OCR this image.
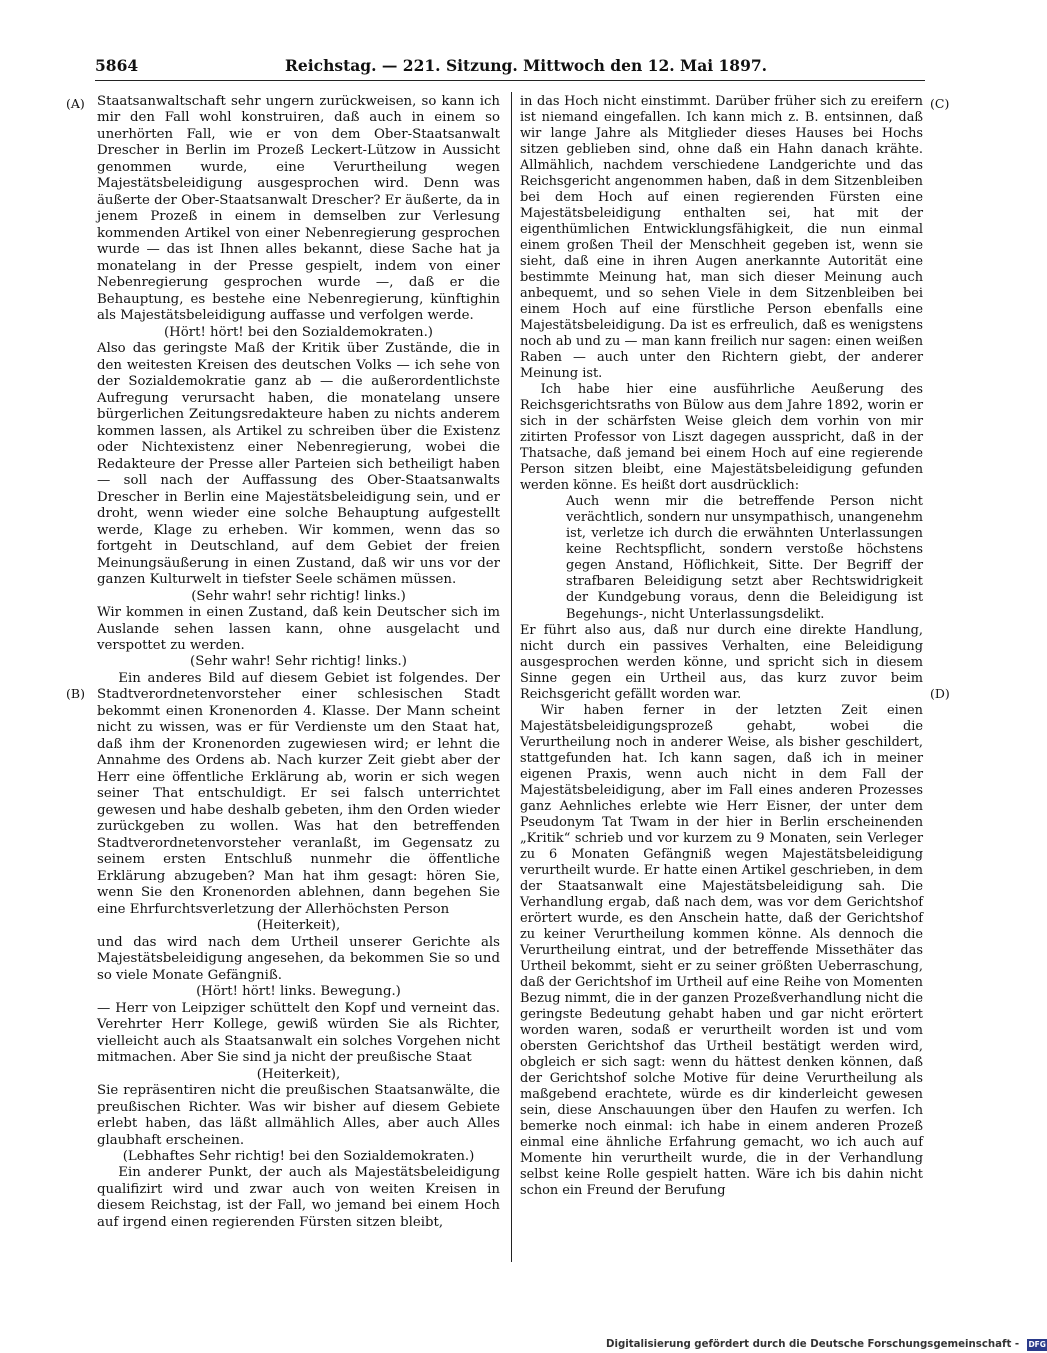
5864	Reichstag. — 221. Sitzung. Mittwoch den 12. Mai 1897.
(A)
(B)
(C)
(D)

Staatsanwaltschaft sehr ungern zurückweisen, so kann ich mir den Fall wohl konstruiren, daß auch in einem so unerhörten Fall, wie er von dem Ober-Staatsanwalt Drescher in Berlin im Prozeß Leckert-Lützow in Aussicht genommen wurde, eine Verurtheilung wegen Majestätsbeleidigung ausgesprochen wird. Denn was äußerte der Ober-Staatsanwalt Drescher? Er äußerte, da in jenem Prozeß in einem in demselben zur Verlesung kommenden Artikel von einer Nebenregierung gesprochen wurde — das ist Ihnen alles bekannt, diese Sache hat ja monatelang in der Presse gespielt, indem von einer Nebenregierung gesprochen wurde —, daß er die Behauptung, es bestehe eine Nebenregierung, künftighin als Majestätsbeleidigung auffasse und verfolgen werde.

(Hört! hört! bei den Sozialdemokraten.)

Also das geringste Maß der Kritik über Zustände, die in den weitesten Kreisen des deutschen Volks — ich sehe von der Sozialdemokratie ganz ab — die außerordentlichste Aufregung verursacht haben, die monatelang unsere bürgerlichen Zeitungsredakteure haben zu nichts anderem kommen lassen, als Artikel zu schreiben über die Existenz oder Nichtexistenz einer Nebenregierung, wobei die Redakteure der Presse aller Parteien sich betheiligt haben — soll nach der Auffassung des Ober-Staatsanwalts Drescher in Berlin eine Majestätsbeleidigung sein, und er droht, wenn wieder eine solche Behauptung aufgestellt werde, Klage zu erheben. Wir kommen, wenn das so fortgeht in Deutschland, auf dem Gebiet der freien Meinungsäußerung in einen Zustand, daß wir uns vor der ganzen Kulturwelt in tiefster Seele schämen müssen.

(Sehr wahr! sehr richtig! links.)

Wir kommen in einen Zustand, daß kein Deutscher sich im Auslande sehen lassen kann, ohne ausgelacht und verspottet zu werden.

(Sehr wahr! Sehr richtig! links.)

Ein anderes Bild auf diesem Gebiet ist folgendes. Der Stadtverordnetenvorsteher einer schlesischen Stadt bekommt einen Kronenorden 4. Klasse. Der Mann scheint nicht zu wissen, was er für Verdienste um den Staat hat, daß ihm der Kronenorden zugewiesen wird; er lehnt die Annahme des Ordens ab. Nach kurzer Zeit giebt aber der Herr eine öffentliche Erklärung ab, worin er sich wegen seiner That entschuldigt. Er sei falsch unterrichtet gewesen und habe deshalb gebeten, ihm den Orden wieder zurückgeben zu wollen. Was hat den betreffenden Stadtverordnetenvorsteher veranlaßt, im Gegensatz zu seinem ersten Entschluß nunmehr die öffentliche Erklärung abzugeben? Man hat ihm gesagt: hören Sie, wenn Sie den Kronenorden ablehnen, dann begehen Sie eine Ehrfurchtsverletzung der Allerhöchsten Person

(Heiterkeit),

und das wird nach dem Urtheil unserer Gerichte als Majestätsbeleidigung angesehen, da bekommen Sie so und so viele Monate Gefängniß.

(Hört! hört! links. Bewegung.)

— Herr von Leipziger schüttelt den Kopf und verneint das. Verehrter Herr Kollege, gewiß würden Sie als Richter, vielleicht auch als Staatsanwalt ein solches Vorgehen nicht mitmachen. Aber Sie sind ja nicht der preußische Staat

(Heiterkeit),

Sie repräsentiren nicht die preußischen Staatsanwälte, die preußischen Richter. Was wir bisher auf diesem Gebiete erlebt haben, das läßt allmählich Alles, aber auch Alles glaubhaft erscheinen.

(Lebhaftes Sehr richtig! bei den Sozialdemokraten.)

Ein anderer Punkt, der auch als Majestätsbeleidigung qualifizirt wird und zwar auch von weiten Kreisen in diesem Reichstag, ist der Fall, wo jemand bei einem Hoch auf irgend einen regierenden Fürsten sitzen bleibt,

in das Hoch nicht einstimmt. Darüber früher sich zu ereifern ist niemand eingefallen. Ich kann mich z. B. entsinnen, daß wir lange Jahre als Mitglieder dieses Hauses bei Hochs sitzen geblieben sind, ohne daß ein Hahn danach krähte. Allmählich, nachdem verschiedene Landgerichte und das Reichsgericht angenommen haben, daß in dem Sitzenbleiben bei dem Hoch auf einen regierenden Fürsten eine Majestätsbeleidigung enthalten sei, hat mit der eigenthümlichen Entwicklungsfähigkeit, die nun einmal einem großen Theil der Menschheit gegeben ist, wenn sie sieht, daß eine in ihren Augen anerkannte Autorität eine bestimmte Meinung hat, man sich dieser Meinung auch anbequemt, und so sehen Viele in dem Sitzenbleiben bei einem Hoch auf eine fürstliche Person ebenfalls eine Majestätsbeleidigung. Da ist es erfreulich, daß es wenigstens noch ab und zu — man kann freilich nur sagen: einen weißen Raben — auch unter den Richtern giebt, der anderer Meinung ist.

Ich habe hier eine ausführliche Aeußerung des Reichsgerichtsraths von Bülow aus dem Jahre 1892, worin er sich in der schärfsten Weise gleich dem vorhin von mir zitirten Professor von Liszt dagegen ausspricht, daß in der Thatsache, daß jemand bei einem Hoch auf eine regierende Person sitzen bleibt, eine Majestätsbeleidigung gefunden werden könne. Es heißt dort ausdrücklich:

Auch wenn mir die betreffende Person nicht verächtlich, sondern nur unsympathisch, unangenehm ist, verletze ich durch die erwähnten Unterlassungen keine Rechtspflicht, sondern verstoße höchstens gegen Anstand, Höflichkeit, Sitte. Der Begriff der strafbaren Beleidigung setzt aber Rechtswidrigkeit der Kundgebung voraus, denn die Beleidigung ist Begehungs-, nicht Unterlassungsdelikt.

Er führt also aus, daß nur durch eine direkte Handlung, nicht durch ein passives Verhalten, eine Beleidigung ausgesprochen werden könne, und spricht sich in diesem Sinne gegen ein Urtheil aus, das kurz zuvor beim Reichsgericht gefällt worden war.

Wir haben ferner in der letzten Zeit einen Majestätsbeleidigungsprozeß gehabt, wobei die Verurtheilung noch in anderer Weise, als bisher geschildert, stattgefunden hat. Ich kann sagen, daß ich in meiner eigenen Praxis, wenn auch nicht in dem Fall der Majestätsbeleidigung, aber im Fall eines anderen Prozesses ganz Aehnliches erlebte wie Herr Eisner, der unter dem Pseudonym Tat Twam in der hier in Berlin erscheinenden „Kritik“ schrieb und vor kurzem zu 9 Monaten, sein Verleger zu 6 Monaten Gefängniß wegen Majestätsbeleidigung verurtheilt wurde. Er hatte einen Artikel geschrieben, in dem der Staatsanwalt eine Majestätsbeleidigung sah. Die Verhandlung ergab, daß nach dem, was vor dem Gerichtshof erörtert wurde, es den Anschein hatte, daß der Gerichtshof zu keiner Verurtheilung kommen könne. Als dennoch die Verurtheilung eintrat, und der betreffende Missethäter das Urtheil bekommt, sieht er zu seiner größten Ueberraschung, daß der Gerichtshof im Urtheil auf eine Reihe von Momenten Bezug nimmt, die in der ganzen Prozeßverhandlung nicht die geringste Bedeutung gehabt haben und gar nicht erörtert worden waren, sodaß er verurtheilt worden ist und vom obersten Gerichtshof das Urtheil bestätigt werden wird, obgleich er sich sagt: wenn du hättest denken können, daß der Gerichtshof solche Motive für deine Verurtheilung als maßgebend erachtete, würde es dir kinderleicht gewesen sein, diese Anschauungen über den Haufen zu werfen. Ich bemerke noch einmal: ich habe in einem anderen Prozeß einmal eine ähnliche Erfahrung gemacht, wo ich auch auf Momente hin verurtheilt wurde, die in der Verhandlung selbst keine Rolle gespielt hatten. Wäre ich bis dahin nicht schon ein Freund der Berufung

Digitalisierung gefördert durch die Deutsche Forschungsgemeinschaft - DFG
